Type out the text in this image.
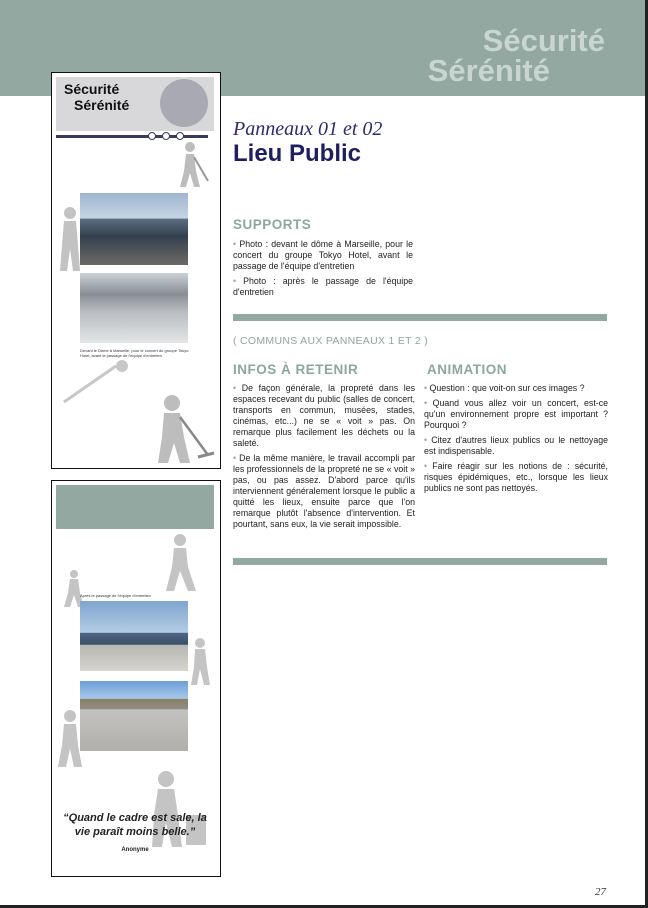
Sécurité
Sérénité
Sécurité
Sérénité
Devant le Dôme à Marseille, pour le concert du groupe Tokyo Hotel, avant le passage de l'équipe d'entretien
Après le passage de l'équipe d'entretien
“Quand le cadre est sale, la vie paraît moins belle.”
Anonyme
Panneaux 01 et 02
Lieu Public
SUPPORTS

• Photo : devant le dôme à Marseille, pour le concert du groupe Tokyo Hotel, avant le passage de l'équipe d'entretien

• Photo : après le passage de l'équipe d'entretien

( COMMUNS AUX PANNEAUX 1 ET 2 )
INFOS À RETENIR	ANIMATION

• De façon générale, la propreté dans les espaces recevant du public (salles de concert, transports en commun, musées, stades, cinémas, etc...) ne se « voit » pas. On remarque plus facilement les déchets ou la saleté.

• De la même manière, le travail accompli par les professionnels de la propreté ne se « voit » pas, ou pas assez. D'abord parce qu'ils interviennent généralement lorsque le public a quitté les lieux, ensuite parce que l'on remarque plutôt l'absence d'intervention. Et pourtant, sans eux, la vie serait impossible.

• Question : que voit-on sur ces images ?

• Quand vous allez voir un concert, est-ce qu'un environnement propre est important ? Pourquoi ?

• Citez d'autres lieux publics ou le nettoyage est indispensable.

• Faire réagir sur les notions de : sécurité, risques épidémiques, etc., lorsque les lieux publics ne sont pas nettoyés.

27
